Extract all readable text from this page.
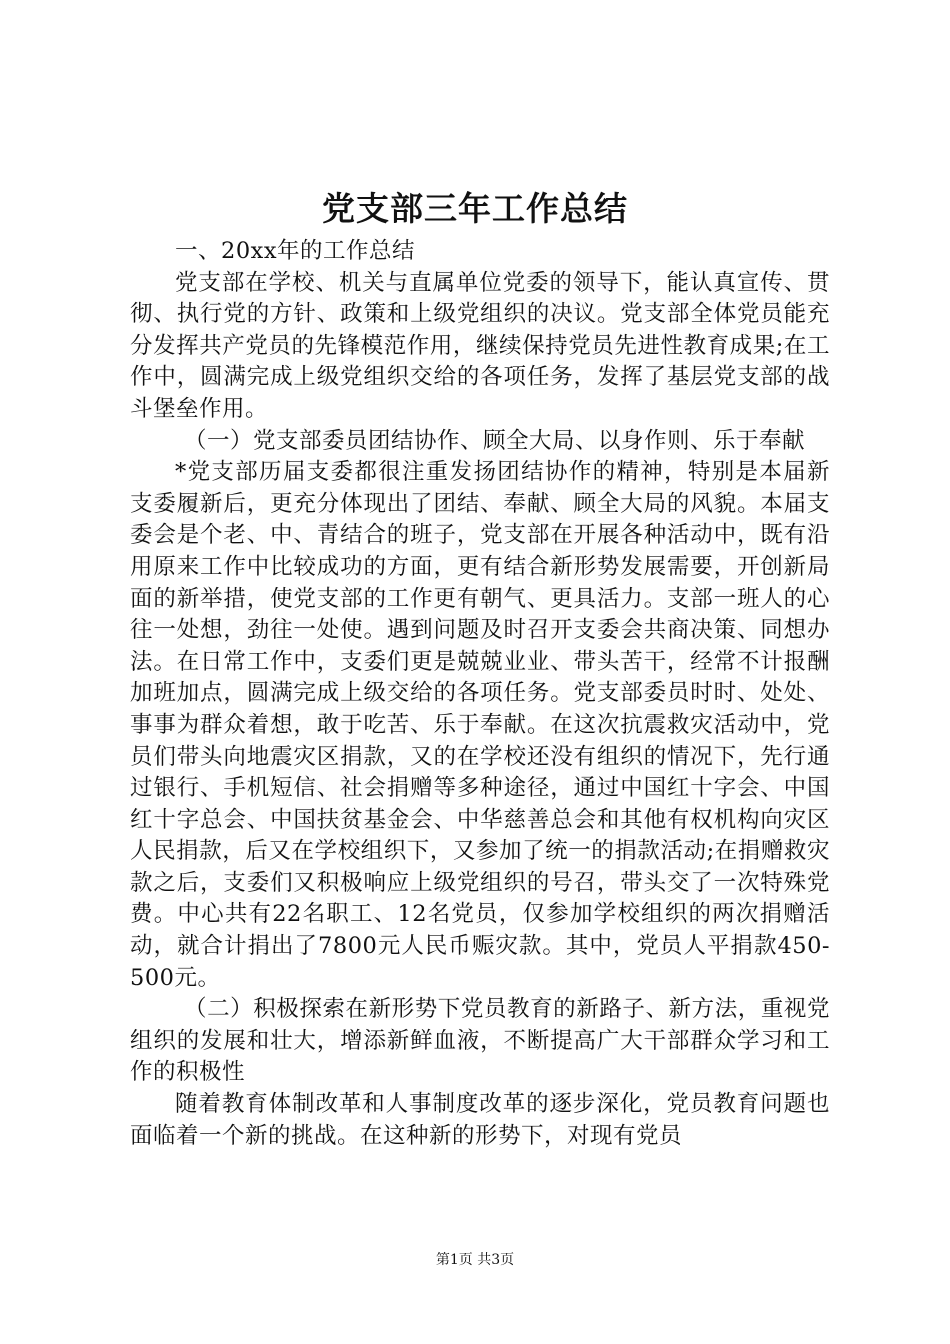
党支部三年工作总结

一、20xx年的工作总结

党支部在学校、机关与直属单位党委的领导下，能认真宣传、贯彻、执行党的方针、政策和上级党组织的决议。党支部全体党员能充分发挥共产党员的先锋模范作用，继续保持党员先进性教育成果;在工作中，圆满完成上级党组织交给的各项任务，发挥了基层党支部的战斗堡垒作用。

（一）党支部委员团结协作、顾全大局、以身作则、乐于奉献

*党支部历届支委都很注重发扬团结协作的精神，特别是本届新支委履新后，更充分体现出了团结、奉献、顾全大局的风貌。本届支委会是个老、中、青结合的班子，党支部在开展各种活动中，既有沿用原来工作中比较成功的方面，更有结合新形势发展需要，开创新局面的新举措，使党支部的工作更有朝气、更具活力。支部一班人的心往一处想，劲往一处使。遇到问题及时召开支委会共商决策、同想办法。在日常工作中，支委们更是兢兢业业、带头苦干，经常不计报酬加班加点，圆满完成上级交给的各项任务。党支部委员时时、处处、事事为群众着想，敢于吃苦、乐于奉献。在这次抗震救灾活动中，党员们带头向地震灾区捐款，又的在学校还没有组织的情况下，先行通过银行、手机短信、社会捐赠等多种途径，通过中国红十字会、中国红十字总会、中国扶贫基金会、中华慈善总会和其他有权机构向灾区人民捐款，后又在学校组织下，又参加了统一的捐款活动;在捐赠救灾款之后，支委们又积极响应上级党组织的号召，带头交了一次特殊党费。中心共有22名职工、12名党员，仅参加学校组织的两次捐赠活动，就合计捐出了7800元人民币赈灾款。其中，党员人平捐款450-500元。

（二）积极探索在新形势下党员教育的新路子、新方法，重视党组织的发展和壮大，增添新鲜血液，不断提高广大干部群众学习和工作的积极性

随着教育体制改革和人事制度改革的逐步深化，党员教育问题也面临着一个新的挑战。在这种新的形势下，对现有党员

第1页 共3页
